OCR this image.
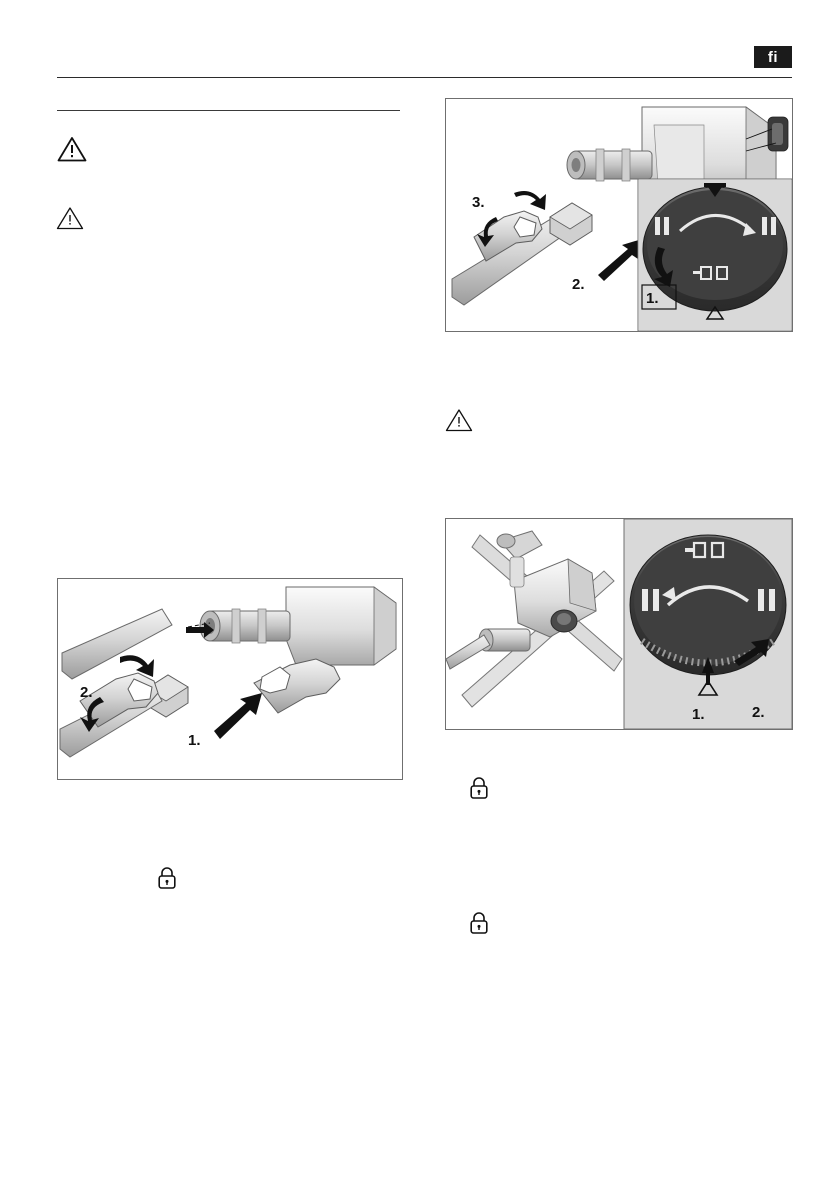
fi
3.
2.
1.
2.
1.
1.	2.
